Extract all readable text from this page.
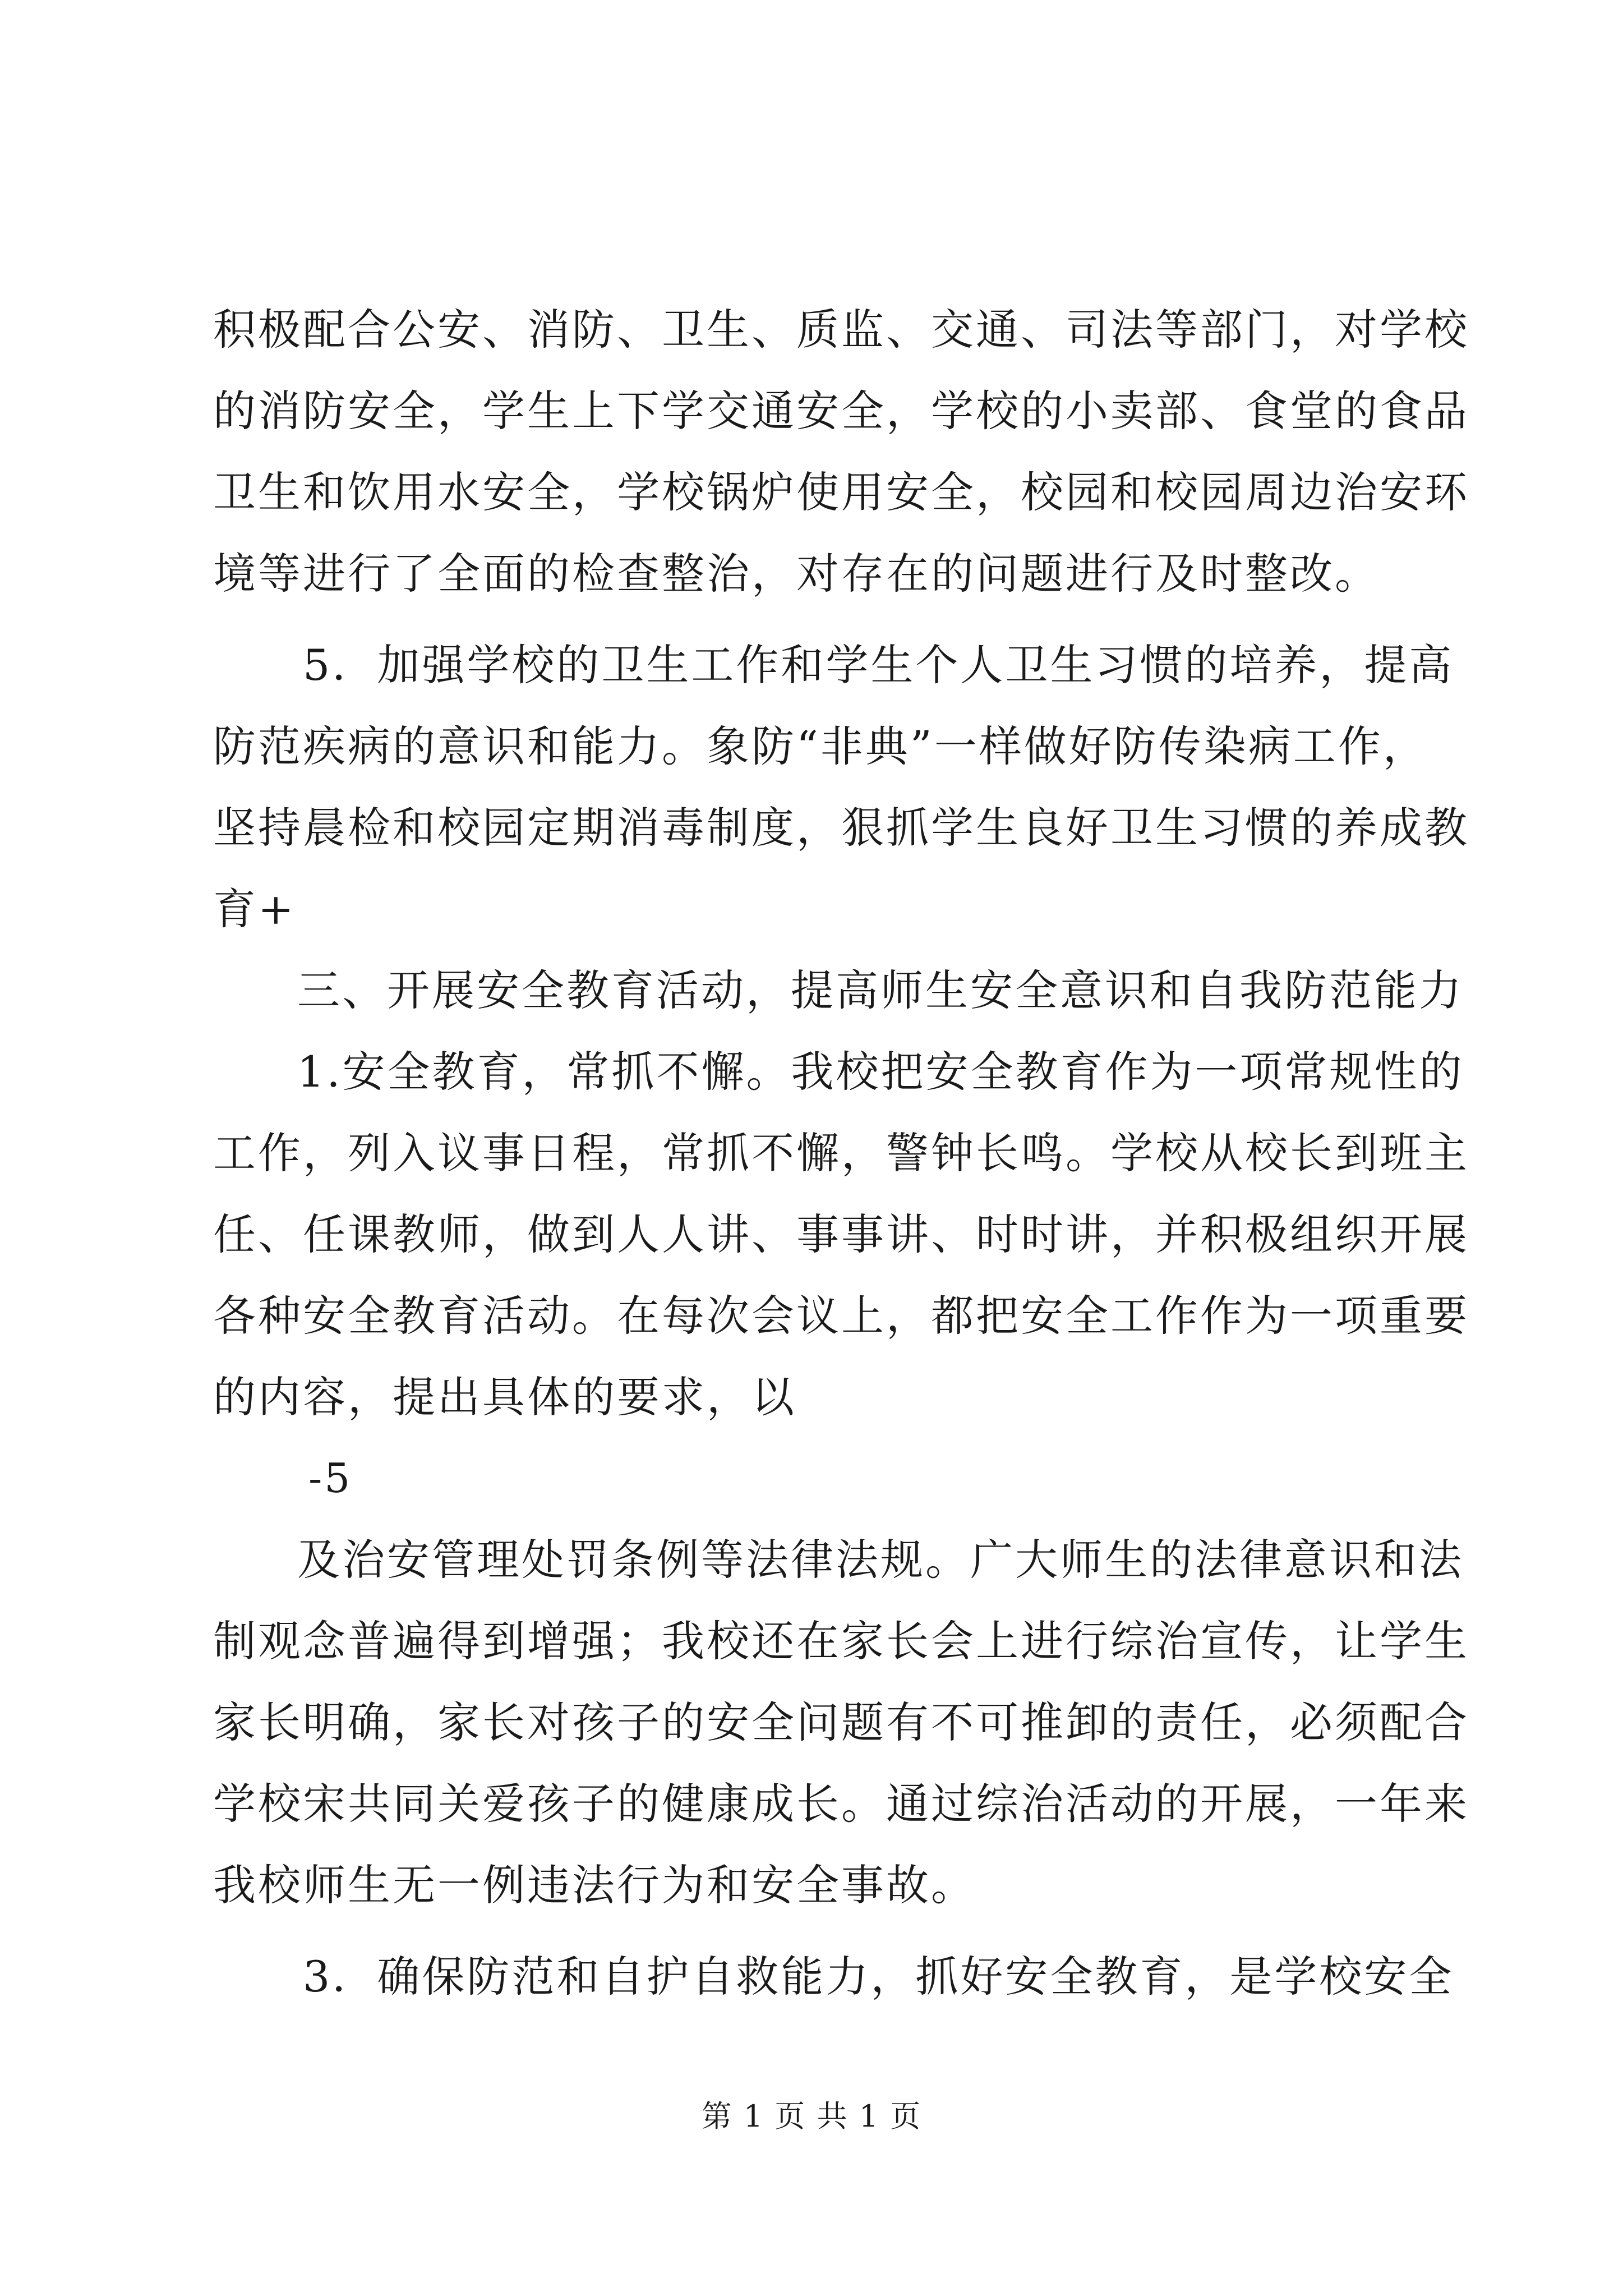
积极配合公安、消防、卫生、质监、交通、司法等部门，对学校
的消防安全，学生上下学交通安全，学校的小卖部、食堂的食品
卫生和饮用水安全，学校锅炉使用安全，校园和校园周边治安环
境等进行了全面的检查整治，对存在的问题进行及时整改。
5．加强学校的卫生工作和学生个人卫生习惯的培养，提高
防范疾病的意识和能力。象防“非典”一样做好防传染病工作，
坚持晨检和校园定期消毒制度，狠抓学生良好卫生习惯的养成教
育+
三、开展安全教育活动，提高师生安全意识和自我防范能力
1.安全教育，常抓不懈。我校把安全教育作为一项常规性的
工作，列入议事日程，常抓不懈，警钟长鸣。学校从校长到班主
任、任课教师，做到人人讲、事事讲、时时讲，并积极组织开展
各种安全教育活动。在每次会议上，都把安全工作作为一项重要
的内容，提出具体的要求，以
-5
及治安管理处罚条例等法律法规。广大师生的法律意识和法
制观念普遍得到增强；我校还在家长会上进行综治宣传，让学生
家长明确，家长对孩子的安全问题有不可推卸的责任，必须配合
学校宋共同关爱孩子的健康成长。通过综治活动的开展，一年来
我校师生无一例违法行为和安全事故。
3．确保防范和自护自救能力，抓好安全教育，是学校安全
第 1 页 共 1 页
